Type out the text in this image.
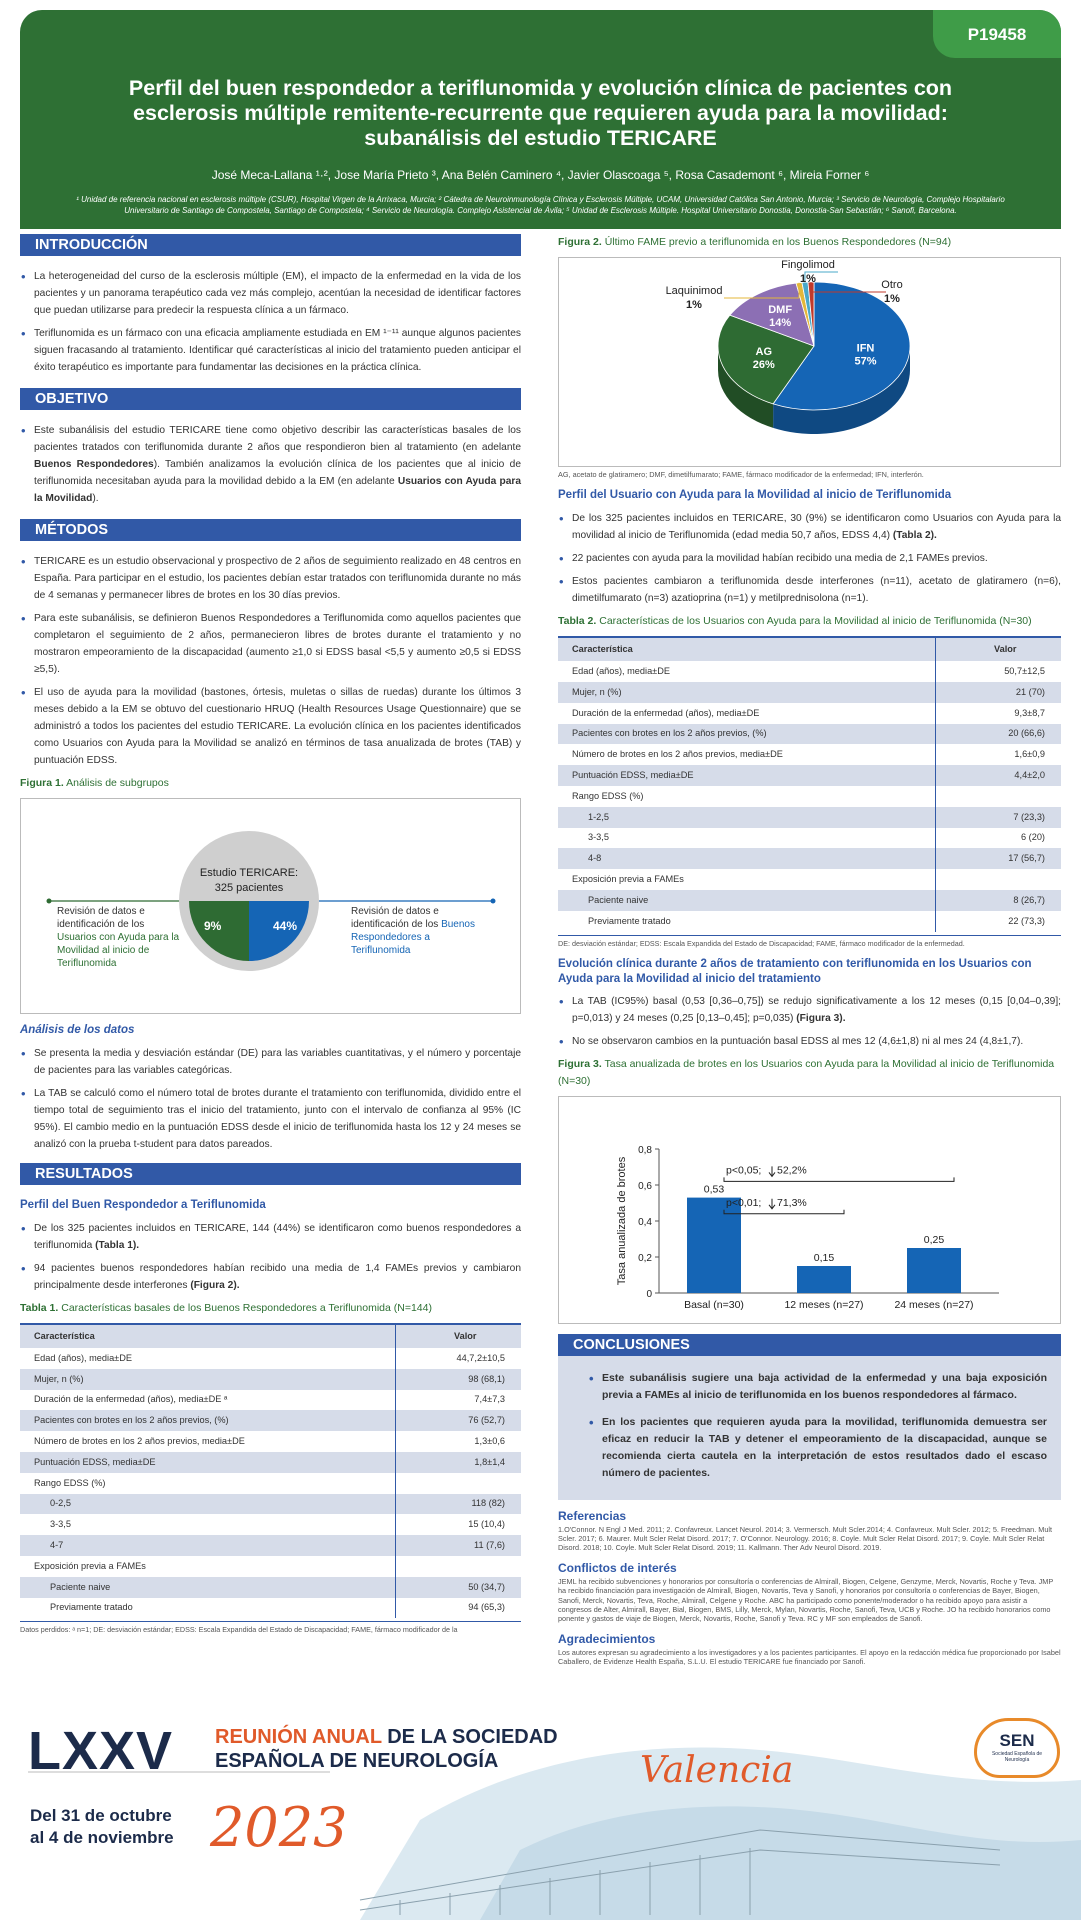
P19458
Perfil del buen respondedor a teriflunomida y evolución clínica de pacientes con esclerosis múltiple remitente-recurrente que requieren ayuda para la movilidad: subanálisis del estudio TERICARE
José Meca-Lallana ¹·², Jose María Prieto ³, Ana Belén Caminero ⁴, Javier Olascoaga ⁵, Rosa Casademont ⁶, Mireia Forner ⁶
¹ Unidad de referencia nacional en esclerosis múltiple (CSUR), Hospital Virgen de la Arrixaca, Murcia; ² Cátedra de Neuroinmunología Clínica y Esclerosis Múltiple, UCAM, Universidad Católica San Antonio, Murcia; ³ Servicio de Neurología, Complejo Hospitalario Universitario de Santiago de Compostela, Santiago de Compostela; ⁴ Servicio de Neurología. Complejo Asistencial de Ávila; ⁵ Unidad de Esclerosis Múltiple. Hospital Universitario Donostia, Donostia-San Sebastián; ⁶ Sanofi, Barcelona.
INTRODUCCIÓN
• La heterogeneidad del curso de la esclerosis múltiple (EM), el impacto de la enfermedad en la vida de los pacientes y un panorama terapéutico cada vez más complejo, acentúan la necesidad de identificar factores que puedan utilizarse para predecir la respuesta clínica a un fármaco.
• Teriflunomida es un fármaco con una eficacia ampliamente estudiada en EM ¹⁻¹¹ aunque algunos pacientes siguen fracasando al tratamiento. Identificar qué características al inicio del tratamiento pueden anticipar el éxito terapéutico es importante para fundamentar las decisiones en la práctica clínica.
OBJETIVO
• Este subanálisis del estudio TERICARE tiene como objetivo describir las características basales de los pacientes tratados con teriflunomida durante 2 años que respondieron bien al tratamiento (en adelante Buenos Respondedores). También analizamos la evolución clínica de los pacientes que al inicio de teriflunomida necesitaban ayuda para la movilidad debido a la EM (en adelante Usuarios con Ayuda para la Movilidad).
MÉTODOS
• TERICARE es un estudio observacional y prospectivo de 2 años de seguimiento realizado en 48 centros en España. Para participar en el estudio, los pacientes debían estar tratados con teriflunomida durante no más de 4 semanas y permanecer libres de brotes en los 30 días previos.
• Para este subanálisis, se definieron Buenos Respondedores a Teriflunomida como aquellos pacientes que completaron el seguimiento de 2 años, permanecieron libres de brotes durante el tratamiento y no mostraron empeoramiento de la discapacidad (aumento ≥1,0 si EDSS basal <5,5 y aumento ≥0,5 si EDSS ≥5,5).
• El uso de ayuda para la movilidad (bastones, órtesis, muletas o sillas de ruedas) durante los últimos 3 meses debido a la EM se obtuvo del cuestionario HRUQ (Health Resources Usage Questionnaire) que se administró a todos los pacientes del estudio TERICARE. La evolución clínica en los pacientes identificados como Usuarios con Ayuda para la Movilidad se analizó en términos de tasa anualizada de brotes (TAB) y puntuación EDSS.
Figura 1. Análisis de subgrupos
Estudio TERICARE:
325 pacientes
9%	44%
Revisión de datos e identificación de los Usuarios con Ayuda para la Movilidad al inicio de Teriflunomida
Revisión de datos e identificación de los Buenos Respondedores a Teriflunomida
Análisis de los datos
• Se presenta la media y desviación estándar (DE) para las variables cuantitativas, y el número y porcentaje de pacientes para las variables categóricas.
• La TAB se calculó como el número total de brotes durante el tratamiento con teriflunomida, dividido entre el tiempo total de seguimiento tras el inicio del tratamiento, junto con el intervalo de confianza al 95% (IC 95%). El cambio medio en la puntuación EDSS desde el inicio de teriflunomida hasta los 12 y 24 meses se analizó con la prueba t-student para datos pareados.
RESULTADOS
Perfil del Buen Respondedor a Teriflunomida
• De los 325 pacientes incluidos en TERICARE, 144 (44%) se identificaron como buenos respondedores a teriflunomida (Tabla 1).
• 94 pacientes buenos respondedores habían recibido una media de 1,4 FAMEs previos y cambiaron principalmente desde interferones (Figura 2).
Tabla 1. Características basales de los Buenos Respondedores a Teriflunomida (N=144)
Característica	Valor
Edad (años), media±DE	44,7,2±10,5
Mujer, n (%)	98 (68,1)
Duración de la enfermedad (años), media±DE ᵃ	7,4±7,3
Pacientes con brotes en los 2 años previos, (%)	76 (52,7)
Número de brotes en los 2 años previos, media±DE	1,3±0,6
Puntuación EDSS, media±DE	1,8±1,4
Rango EDSS (%)	
0-2,5	118 (82)
3-3,5	15 (10,4)
4-7	11 (7,6)
Exposición previa a FAMEs	
Paciente naive	50 (34,7)
Previamente tratado	94 (65,3)
Datos perdidos: ᵃ n=1; DE: desviación estándar; EDSS: Escala Expandida del Estado de Discapacidad; FAME, fármaco modificador de la
Figura 2. Último FAME previo a teriflunomida en los Buenos Respondedores (N=94)
IFN
57%
AG
26%
DMF
14%
Laquinimod
1%
Fingolimod
1%	Otro
1%
AG, acetato de glatiramero; DMF, dimetilfumarato; FAME, fármaco modificador de la enfermedad; IFN, interferón.
Perfil del Usuario con Ayuda para la Movilidad al inicio de Teriflunomida
• De los 325 pacientes incluidos en TERICARE, 30 (9%) se identificaron como Usuarios con Ayuda para la movilidad al inicio de Teriflunomida (edad media 50,7 años, EDSS 4,4) (Tabla 2).
• 22 pacientes con ayuda para la movilidad habían recibido una media de 2,1 FAMEs previos.
• Estos pacientes cambiaron a teriflunomida desde interferones (n=11), acetato de glatiramero (n=6), dimetilfumarato (n=3) azatioprina (n=1) y metilprednisolona (n=1).
Tabla 2. Características de los Usuarios con Ayuda para la Movilidad al inicio de Teriflunomida (N=30)
Característica	Valor
Edad (años), media±DE	50,7±12,5
Mujer, n (%)	21 (70)
Duración de la enfermedad (años), media±DE	9,3±8,7
Pacientes con brotes en los 2 años previos, (%)	20 (66,6)
Número de brotes en los 2 años previos, media±DE	1,6±0,9
Puntuación EDSS, media±DE	4,4±2,0
Rango EDSS (%)	
1-2,5	7 (23,3)
3-3,5	6 (20)
4-8	17 (56,7)
Exposición previa a FAMEs	
Paciente naive	8 (26,7)
Previamente tratado	22 (73,3)
DE: desviación estándar; EDSS: Escala Expandida del Estado de Discapacidad; FAME, fármaco modificador de la enfermedad.
Evolución clínica durante 2 años de tratamiento con teriflunomida en los Usuarios con Ayuda para la Movilidad al inicio del tratamiento
• La TAB (IC95%) basal (0,53 [0,36–0,75]) se redujo significativamente a los 12 meses (0,15 [0,04–0,39]; p=0,013) y 24 meses (0,25 [0,13–0,45]; p=0,035) (Figura 3).
• No se observaron cambios en la puntuación basal EDSS al mes 12 (4,6±1,8) ni al mes 24 (4,8±1,7).
Figura 3. Tasa anualizada de brotes en los Usuarios con Ayuda para la Movilidad al inicio de Teriflunomida (N=30)
0
0,2
0,4
0,6
0,8
Tasa anualizada de brotes	0,53
Basal (n=30)
0,15
12 meses (n=27)
0,25
24 meses (n=27)
p<0,05; 52,2%
p<0,01; 71,3%
CONCLUSIONES
• Este subanálisis sugiere una baja actividad de la enfermedad y una baja exposición previa a FAMEs al inicio de teriflunomida en los buenos respondedores al fármaco.
• En los pacientes que requieren ayuda para la movilidad, teriflunomida demuestra ser eficaz en reducir la TAB y detener el empeoramiento de la discapacidad, aunque se recomienda cierta cautela en la interpretación de estos resultados dado el escaso número de pacientes.
Referencias
1.O'Connor. N Engl J Med. 2011; 2. Confavreux. Lancet Neurol. 2014; 3. Vermersch. Mult Scler.2014; 4. Confavreux. Mult Scler. 2012; 5. Freedman. Mult Scler. 2017; 6. Maurer. Mult Scler Relat Disord. 2017; 7. O'Connor. Neurology. 2016; 8. Coyle. Mult Scler Relat Disord. 2017; 9. Coyle. Mult Scler Relat Disord. 2018; 10. Coyle. Mult Scler Relat Disord. 2019; 11. Kallmann. Ther Adv Neurol Disord. 2019.
Conflictos de interés
JEML ha recibido subvenciones y honorarios por consultoría o conferencias de Almirall, Biogen, Celgene, Genzyme, Merck, Novartis, Roche y Teva. JMP ha recibido financiación para investigación de Almirall, Biogen, Novartis, Teva y Sanofi, y honorarios por consultoría o conferencias de Bayer, Biogen, Sanofi, Merck, Novartis, Teva, Roche, Almirall, Celgene y Roche. ABC ha participado como ponente/moderador o ha recibido apoyo para asistir a congresos de Alter, Almirall, Bayer, Bial, Biogen, BMS, Lilly, Merck, Mylan, Novartis, Roche, Sanofi, Teva, UCB y Roche. JO ha recibido honorarios como ponente y gastos de viaje de Biogen, Merck, Novartis, Roche, Sanofi y Teva. RC y MF son empleados de Sanofi.
Agradecimientos
Los autores expresan su agradecimiento a los investigadores y a los pacientes participantes. El apoyo en la redacción médica fue proporcionado por Isabel Caballero, de Evidenze Health España, S.L.U. El estudio TERICARE fue financiado por Sanofi.
LXXV REUNIÓN ANUAL DE LA SOCIEDAD
ESPAÑOLA DE NEUROLOGÍA	Valencia
Del 31 de octubre
al 4 de noviembre 2023
SEN
Sociedad Española de Neurología
